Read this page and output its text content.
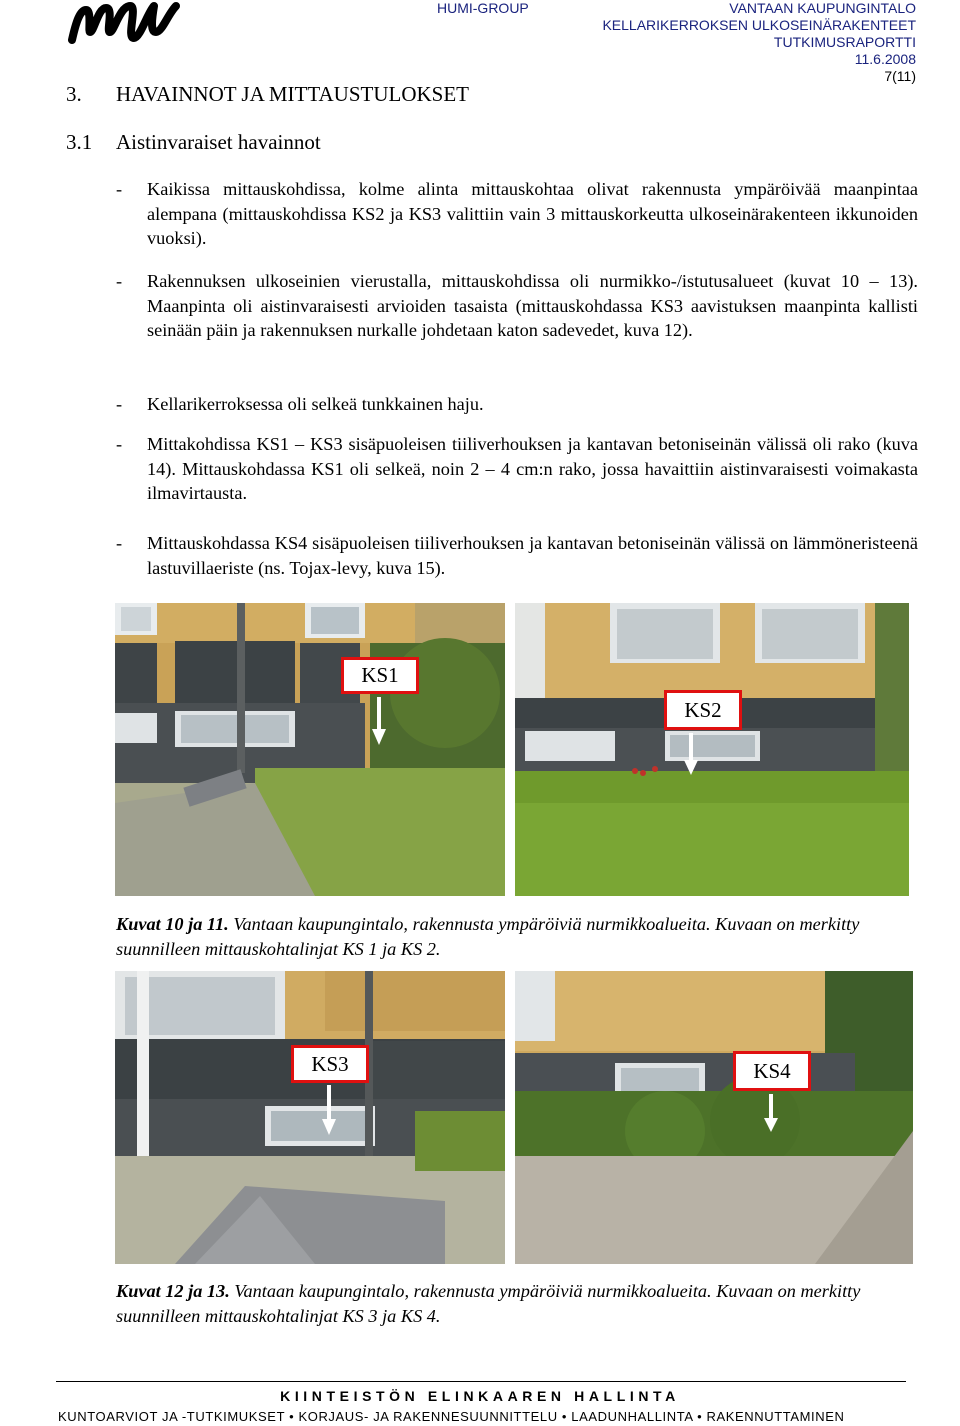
HUMI-GROUP	VANTAAN KAUPUNGINTALO
KELLARIKERROKSEN ULKOSEINÄRAKENTEET
TUTKIMUSRAPORTTI
11.6.2008
7(11)
3. HAVAINNOT JA MITTAUSTULOKSET
3.1 Aistinvaraiset havainnot
- Kaikissa mittauskohdissa, kolme alinta mittauskohtaa olivat rakennusta ympäröivää maanpintaa alempana (mittauskohdissa KS2 ja KS3 valittiin vain 3 mittauskorkeutta ulkoseinärakenteen ikkunoiden vuoksi).
- Rakennuksen ulkoseinien vierustalla, mittauskohdissa oli nurmikko-/istutusalueet (kuvat 10 – 13). Maanpinta oli aistinvaraisesti arvioiden tasaista (mittauskohdassa KS3 aavistuksen maanpinta kallisti seinään päin ja rakennuksen nurkalle johdetaan katon sadevedet, kuva 12).
- Kellarikerroksessa oli selkeä tunkkainen haju.
- Mittakohdissa KS1 – KS3 sisäpuoleisen tiiliverhouksen ja kantavan betoniseinän välissä oli rako (kuva 14). Mittauskohdassa KS1 oli selkeä, noin 2 – 4 cm:n rako, jossa havaittiin aistinvaraisesti voimakasta ilmavirtausta.
- Mittauskohdassa KS4 sisäpuoleisen tiiliverhouksen ja kantavan betoniseinän välissä on lämmöneristeenä lastuvillaeriste (ns. Tojax-levy, kuva 15).
KS1
KS2
Kuvat 10 ja 11. Vantaan kaupungintalo, rakennusta ympäröiviä nurmikkoalueita. Kuvaan on merkitty suunnilleen mittauskohtalinjat KS 1 ja KS 2.
KS3	KS4
Kuvat 12 ja 13. Vantaan kaupungintalo, rakennusta ympäröiviä nurmikkoalueita. Kuvaan on merkitty suunnilleen mittauskohtalinjat KS 3 ja KS 4.
KIINTEISTÖN ELINKAAREN HALLINTA
KUNTOARVIOT JA -TUTKIMUKSET • KORJAUS- JA RAKENNESUUNNITTELU • LAADUNHALLINTA • RAKENNUTTAMINEN
